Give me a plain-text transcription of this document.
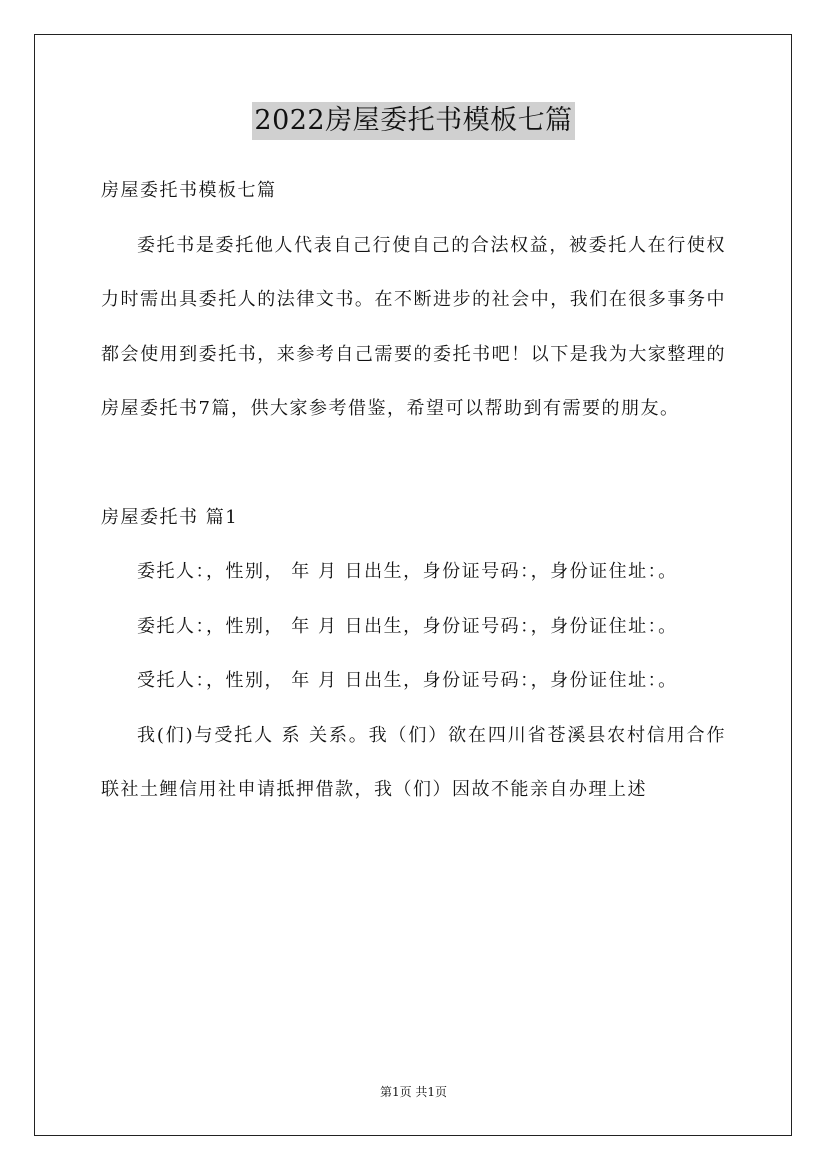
2022房屋委托书模板七篇

房屋委托书模板七篇

委托书是委托他人代表自己行使自己的合法权益，被委托人在行使权力时需出具委托人的法律文书。在不断进步的社会中，我们在很多事务中都会使用到委托书，来参考自己需要的委托书吧！以下是我为大家整理的房屋委托书7篇，供大家参考借鉴，希望可以帮助到有需要的朋友。

房屋委托书 篇1

委托人：，性别， 年 月 日出生，身份证号码：，身份证住址：。

委托人：，性别， 年 月 日出生，身份证号码：，身份证住址：。

受托人：，性别， 年 月 日出生，身份证号码：，身份证住址：。

我(们)与受托人 系 关系。我（们）欲在四川省苍溪县农村信用合作联社土鲤信用社申请抵押借款，我（们）因故不能亲自办理上述

第1页 共1页
